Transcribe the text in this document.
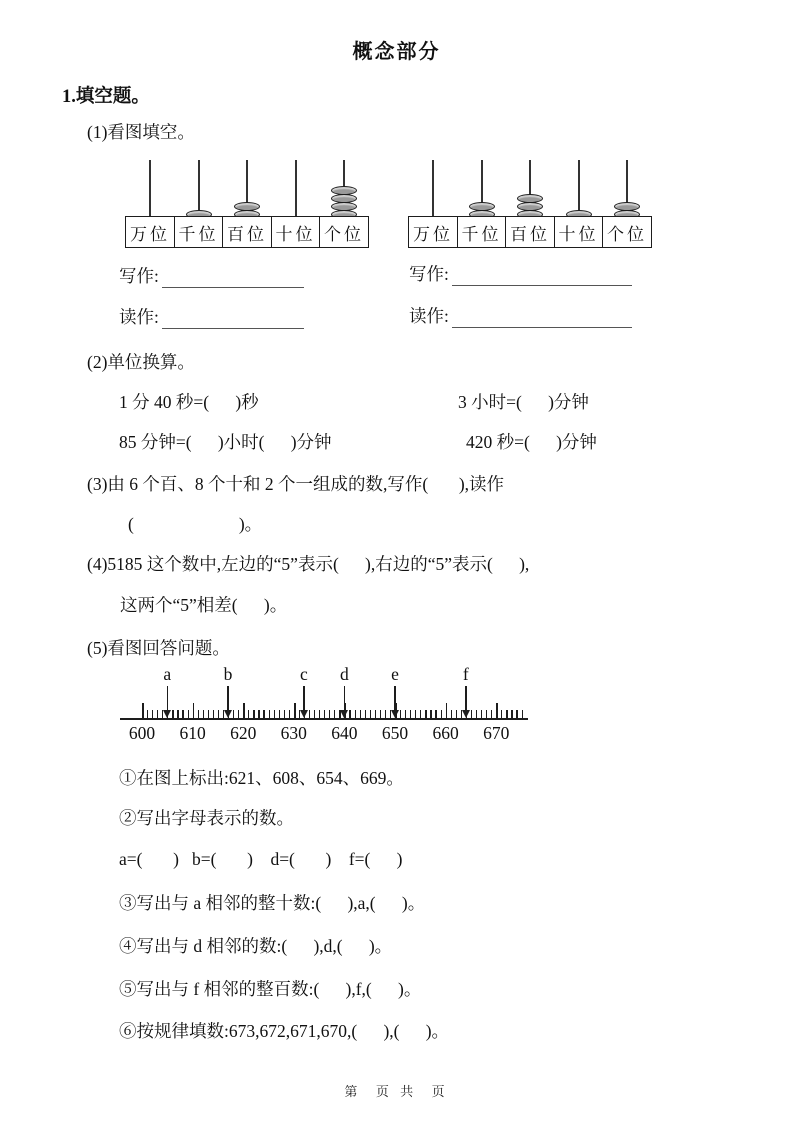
概念部分
1.填空题。
(1)看图填空。
万位 千位 百位 十位 个位	万位 千位 百位 十位 个位
写作:
读作:
写作:
读作:
(2)单位换算。
1 分 40 秒=(      )秒	3 小时=(      )分钟
85 分钟=(      )小时(      )分钟	420 秒=(      )分钟
(3)由 6 个百、8 个十和 2 个一组成的数,写作(       ),读作
(                        )。
(4)5185 这个数中,左边的“5”表示(      ),右边的“5”表示(      ),
这两个“5”相差(      )。
(5)看图回答问题。
600	610	620	630	640	650	660	670
a	b	c	d	e	f
①在图上标出:621、608、654、669。
②写出字母表示的数。
a=(       )   b=(       )    d=(       )    f=(      )
③写出与 a 相邻的整十数:(      ),a,(      )。
④写出与 d 相邻的数:(      ),d,(      )。
⑤写出与 f 相邻的整百数:(      ),f,(      )。
⑥按规律填数:673,672,671,670,(      ),(      )。
第  页 共  页
